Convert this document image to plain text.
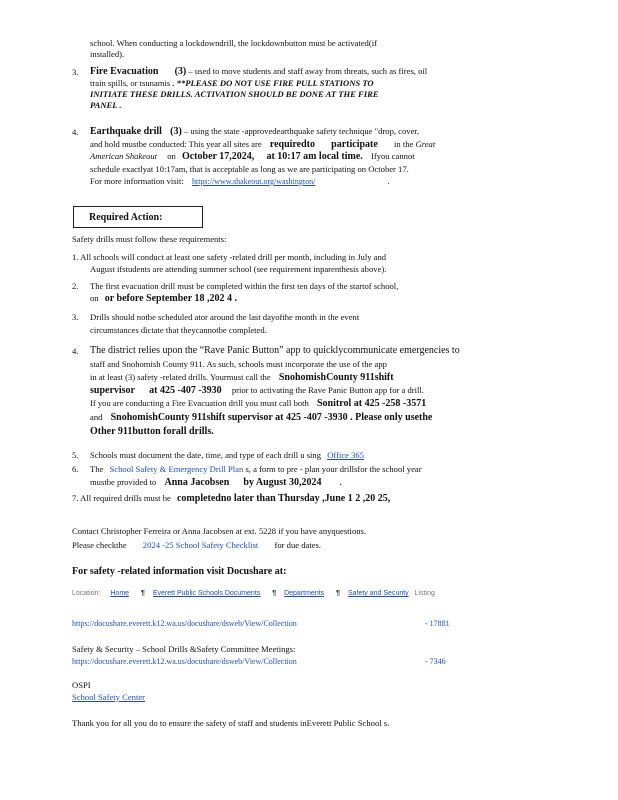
school. When conducting a lockdowndrill, the lockdownbutton must be activated(if
installed).
3.	Fire Evacuation (3) – used to move students and staff away from threats, such as fires, oil
train spills, or tsunamis . **PLEASE DO NOT USE FIRE PULL STATIONS TO
INITIATE THESE DRILLS. ACTIVATION SHOULD BE DONE AT THE FIRE
PANEL .
4.	Earthquake drill (3) – using the state -approvedearthquake safety technique "drop, cover,
and hold mustbe conducted: This year all sites are requiredto participate in the Great
American Shakeout on October 17,2024, at 10:17 am local time. Ifyou cannot
schedule exactlyat 10:17am, that is acceptable as long as we are participating on October 17.
For more information visit: https://www.shakeout.org/washington/	.
Required Action:
Safety drills must follow these requirements:
1. All schools will conduct at least one safety -related drill per month, including in July and
August ifstudents are attending summer school (see requirement inparenthesis above).
2.	The first evacuation drill must be completed within the first ten days of the startof school,
on or before September 18 ,202 4 .
3.	Drills should notbe scheduled ator around the last dayofthe month in the event
circumstances dictate that theycannotbe completed.
4.	The district relies upon the “Rave Panic Button” app to quicklycommunicate emergencies to
staff and Snohomish County 911. As such, schools must incorporate the use of the app
in at least (3) safety -related drills. Yourmust call the SnohomishCounty 911shift
supervisor at 425 -407 -3930 prior to activating the Rave Panic Button app for a drill.
If you are conducting a Fire Evacuation drill you must call both Sonitrol at 425 -258 -3571
and SnohomishCounty 911shift supervisor at 425 -407 -3930 . Please only usethe
Other 911button forall drills.
5.	Schools must document the date, time, and type of each drill u sing Office 365
6.	The School Safety & Emergency Drill Plan s, a form to pre - plan your drillsfor the school year
mustbe provided to Anna Jacobsen by August 30,2024 .
7. All required drills must be completedno later than Thursday ,June 1 2 ,20 25,
Contact Christopher Ferreira or Anna Jacobsen at ext. 5228 if you have anyquestions.
Please checkthe 2024 -25 School Safety Checklist for due dates.
For safety -related information visit Docushare at:
Location: Home ¶ Everett Public Schools Documents ¶ Departments ¶ Safety and Security Listing
https://docushare.everett.k12.wa.us/docushare/dsweb/View/Collection	- 17881
Safety & Security – School Drills &Safety Committee Meetings:
https://docushare.everett.k12.wa.us/docushare/dsweb/View/Collection	- 7346
OSPI
School Safety Center
Thank you for all you do to ensure the safety of staff and students inEverett Public School s.
